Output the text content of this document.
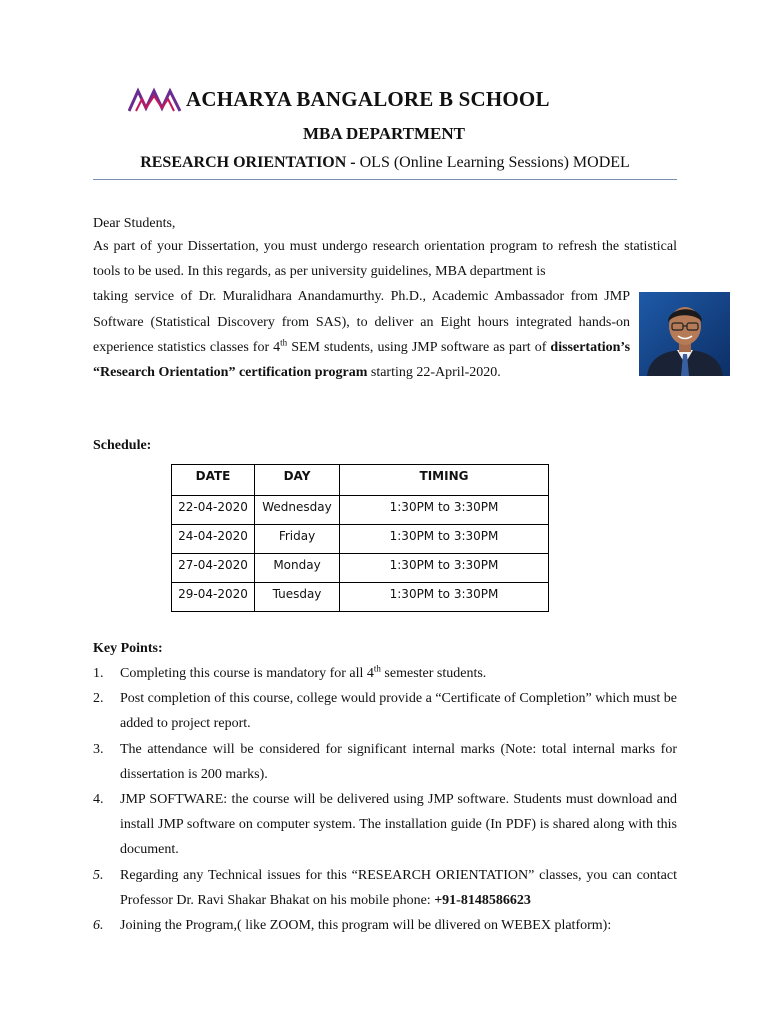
ACHARYA BANGALORE B SCHOOL
MBA DEPARTMENT
RESEARCH ORIENTATION - OLS (Online Learning Sessions) MODEL
Dear Students,
As part of your Dissertation, you must undergo research orientation program to refresh the statistical tools to be used. In this regards, as per university guidelines, MBA department is
taking service of Dr. Muralidhara Anandamurthy. Ph.D., Academic Ambassador from JMP Software (Statistical Discovery from SAS), to deliver an Eight hours integrated hands-on experience statistics classes for 4th SEM students, using JMP software as part of dissertation’s “Research Orientation” certification program starting 22-April-2020.
Schedule:
DATE	DAY	TIMING
22-04-2020	Wednesday	1:30PM to 3:30PM
24-04-2020	Friday	1:30PM to 3:30PM
27-04-2020	Monday	1:30PM to 3:30PM
29-04-2020	Tuesday	1:30PM to 3:30PM
Key Points:
1. Completing this course is mandatory for all 4th semester students.
2. Post completion of this course, college would provide a “Certificate of Completion” which must be added to project report.
3. The attendance will be considered for significant internal marks (Note: total internal marks for dissertation is 200 marks).
4. JMP SOFTWARE: the course will be delivered using JMP software. Students must download and install JMP software on computer system. The installation guide (In PDF) is shared along with this document.
5. Regarding any Technical issues for this “RESEARCH ORIENTATION” classes, you can contact Professor Dr. Ravi Shakar Bhakat on his mobile phone: +91-8148586623
6. Joining the Program,( like ZOOM, this program will be dlivered on WEBEX platform):
